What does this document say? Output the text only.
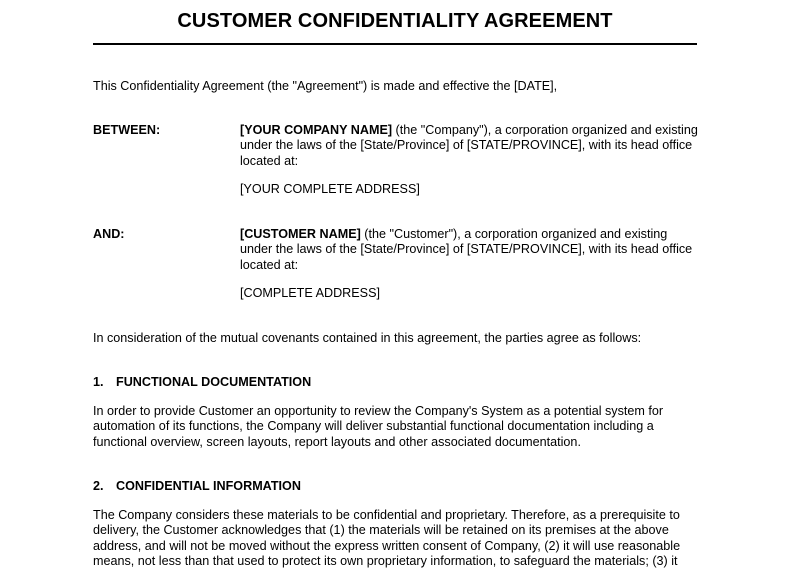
CUSTOMER CONFIDENTIALITY AGREEMENT
This Confidentiality Agreement (the "Agreement") is made and effective the [DATE],
BETWEEN:	[YOUR COMPANY NAME] (the "Company"), a corporation organized and existing under the laws of the [State/Province] of [STATE/PROVINCE], with its head office located at:

[YOUR COMPLETE ADDRESS]

AND:	[CUSTOMER NAME] (the "Customer"), a corporation organized and existing under the laws of the [State/Province] of [STATE/PROVINCE], with its head office located at:

[COMPLETE ADDRESS]

In consideration of the mutual covenants contained in this agreement, the parties agree as follows:
1. FUNCTIONAL DOCUMENTATION
In order to provide Customer an opportunity to review the Company's System as a potential system for automation of its functions, the Company will deliver substantial functional documentation including a functional overview, screen layouts, report layouts and other associated documentation.
2. CONFIDENTIAL INFORMATION
The Company considers these materials to be confidential and proprietary. Therefore, as a prerequisite to delivery, the Customer acknowledges that (1) the materials will be retained on its premises at the above address, and will not be moved without the express written consent of Company, (2) it will use reasonable means, not less than that used to protect its own proprietary information, to safeguard the materials; (3) it
